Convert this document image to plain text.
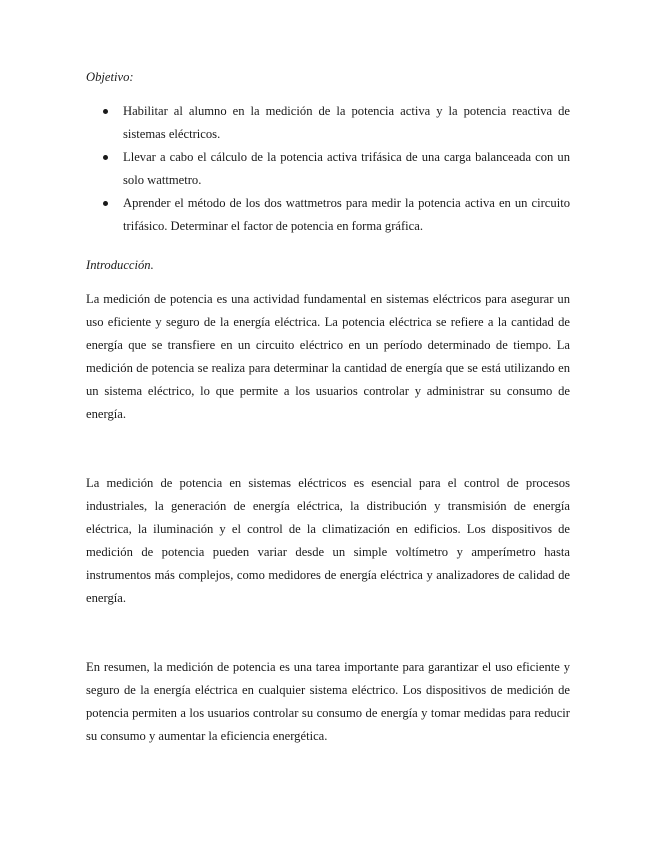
Objetivo:

Habilitar al alumno en la medición de la potencia activa y la potencia reactiva de sistemas eléctricos.
Llevar a cabo el cálculo de la potencia activa trifásica de una carga balanceada con un solo wattmetro.
Aprender el método de los dos wattmetros para medir la potencia activa en un circuito trifásico. Determinar el factor de potencia en forma gráfica.

Introducción.

La medición de potencia es una actividad fundamental en sistemas eléctricos para asegurar un uso eficiente y seguro de la energía eléctrica. La potencia eléctrica se refiere a la cantidad de energía que se transfiere en un circuito eléctrico en un período determinado de tiempo. La medición de potencia se realiza para determinar la cantidad de energía que se está utilizando en un sistema eléctrico, lo que permite a los usuarios controlar y administrar su consumo de energía.

La medición de potencia en sistemas eléctricos es esencial para el control de procesos industriales, la generación de energía eléctrica, la distribución y transmisión de energía eléctrica, la iluminación y el control de la climatización en edificios. Los dispositivos de medición de potencia pueden variar desde un simple voltímetro y amperímetro hasta instrumentos más complejos, como medidores de energía eléctrica y analizadores de calidad de energía.

En resumen, la medición de potencia es una tarea importante para garantizar el uso eficiente y seguro de la energía eléctrica en cualquier sistema eléctrico. Los dispositivos de medición de potencia permiten a los usuarios controlar su consumo de energía y tomar medidas para reducir su consumo y aumentar la eficiencia energética.
